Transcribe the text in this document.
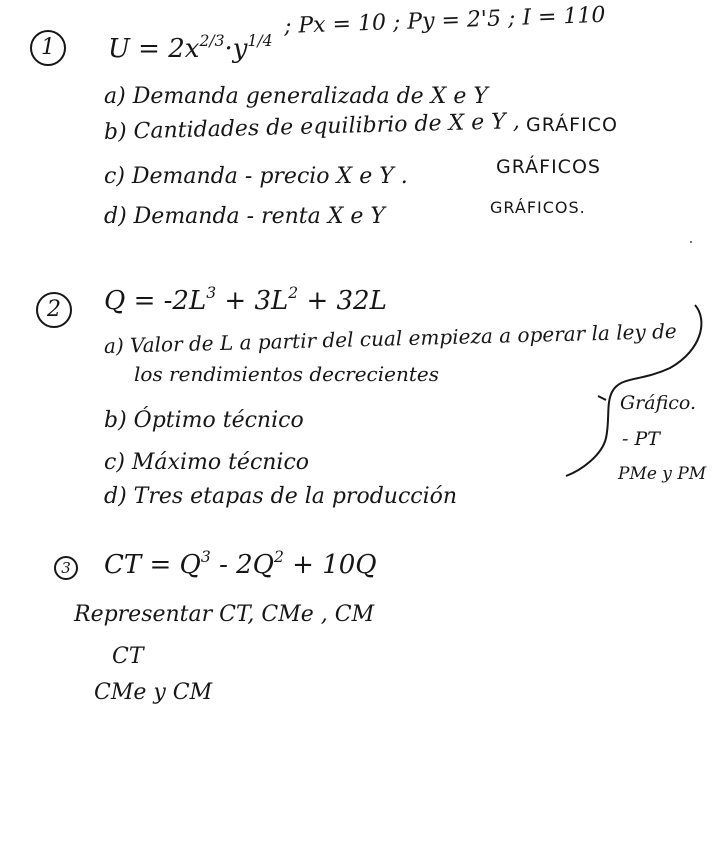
1	$U = 2x^{2/3}\cdot y^{1/4}$
; Px = 10 ; Py = 2'5 ; I = 110
a) Demanda generalizada de X e Y
b) Cantidades de equilibrio de X e Y , GRÁFICO
c) Demanda - precio X e Y .	GRÁFICOS
d) Demanda - renta X e Y	GRÁFICOS.
2	$Q = -2L^3 + 3L^2 + 32L$
a) Valor de L a partir del cual empieza a operar la ley de
los rendimientos decrecientes
b) Óptimo técnico
c) Máximo técnico
d) Tres etapas de la producción
Gráfico.
- PT
PMe y PM
3 CT = $Q^3 - 2Q^2 + 10Q$
Representar CT, CMe , CM
CT
CMe y CM
